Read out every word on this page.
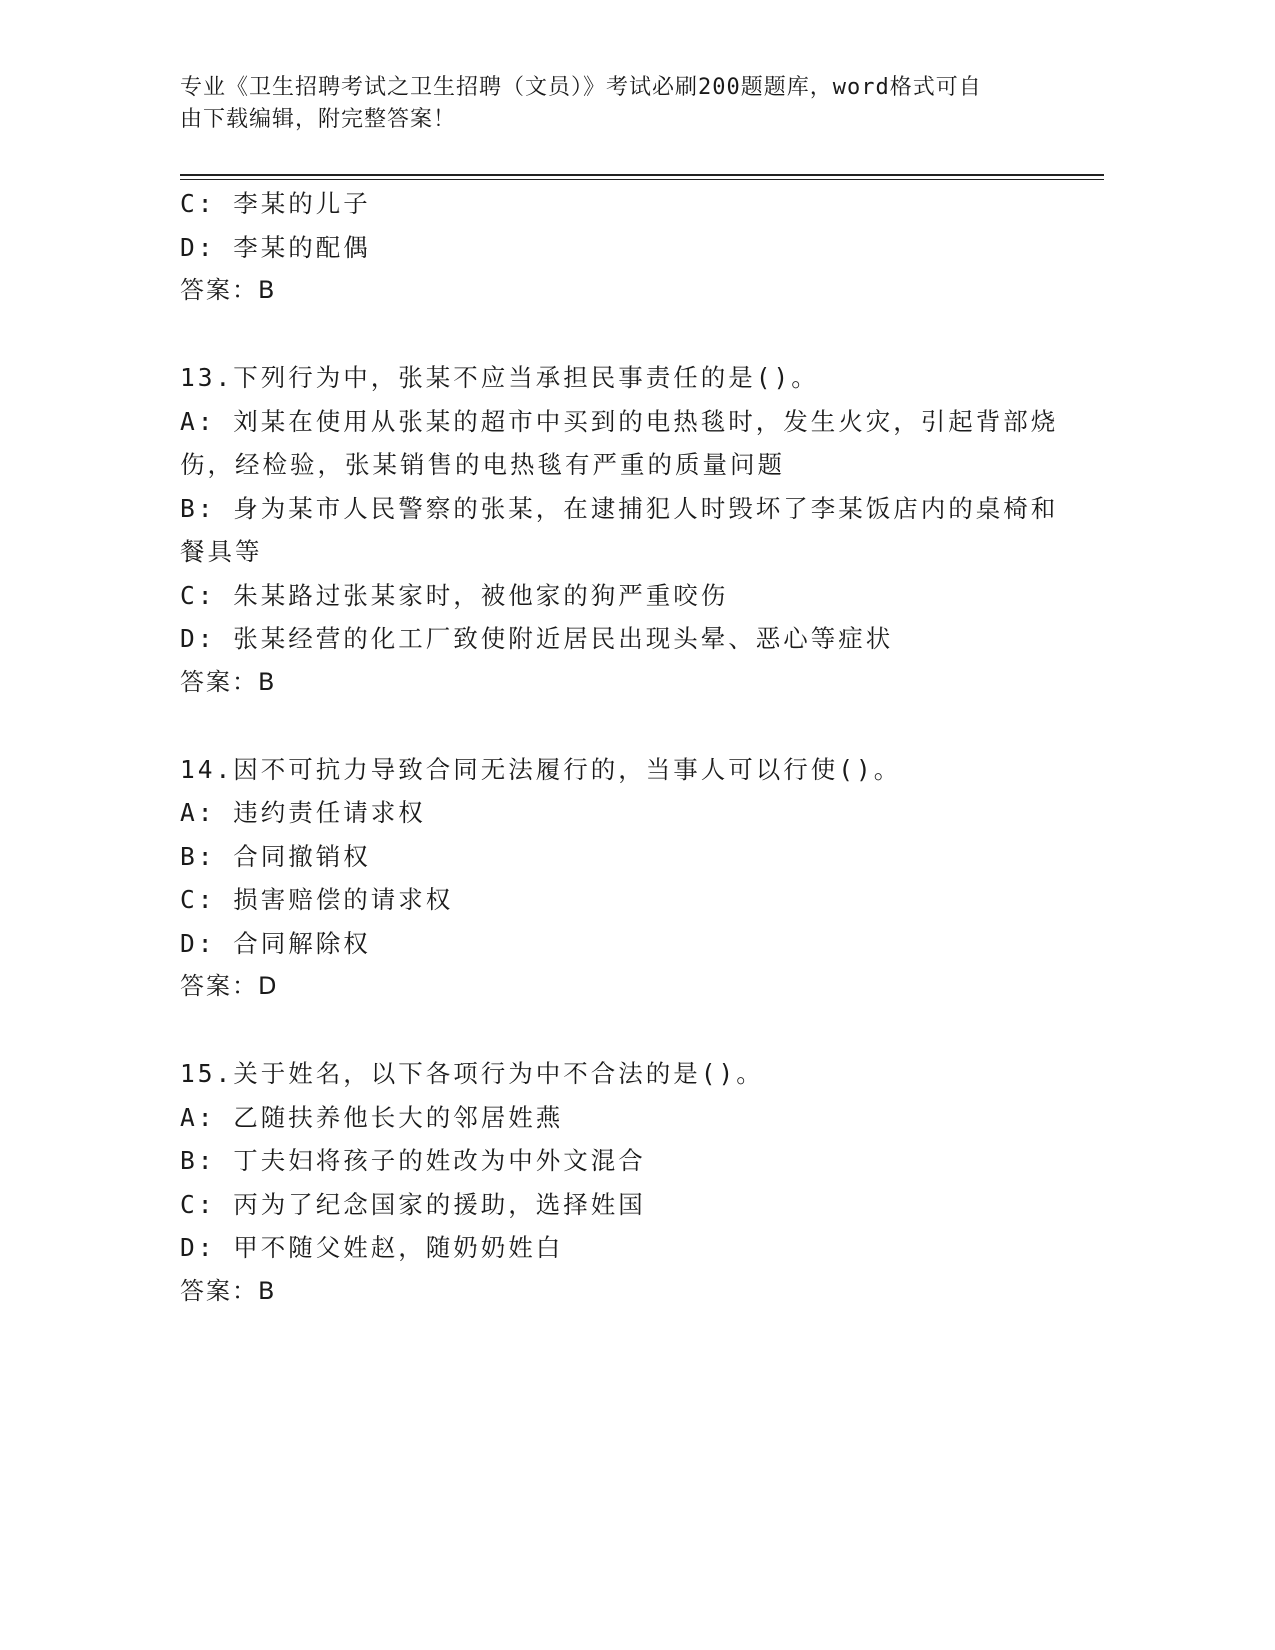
专业《卫生招聘考试之卫生招聘（文员）》考试必刷200题题库，word格式可自
由下载编辑，附完整答案！
C: 李某的儿子
D: 李某的配偶
答案：B
13.下列行为中，张某不应当承担民事责任的是()。
A: 刘某在使用从张某的超市中买到的电热毯时，发生火灾，引起背部烧伤，经检验，张某销售的电热毯有严重的质量问题
B: 身为某市人民警察的张某，在逮捕犯人时毁坏了李某饭店内的桌椅和餐具等
C: 朱某路过张某家时，被他家的狗严重咬伤
D: 张某经营的化工厂致使附近居民出现头晕、恶心等症状
答案：B
14.因不可抗力导致合同无法履行的，当事人可以行使()。
A: 违约责任请求权
B: 合同撤销权
C: 损害赔偿的请求权
D: 合同解除权
答案：D
15.关于姓名，以下各项行为中不合法的是()。
A: 乙随扶养他长大的邻居姓燕
B: 丁夫妇将孩子的姓改为中外文混合
C: 丙为了纪念国家的援助，选择姓国
D: 甲不随父姓赵，随奶奶姓白
答案：B
